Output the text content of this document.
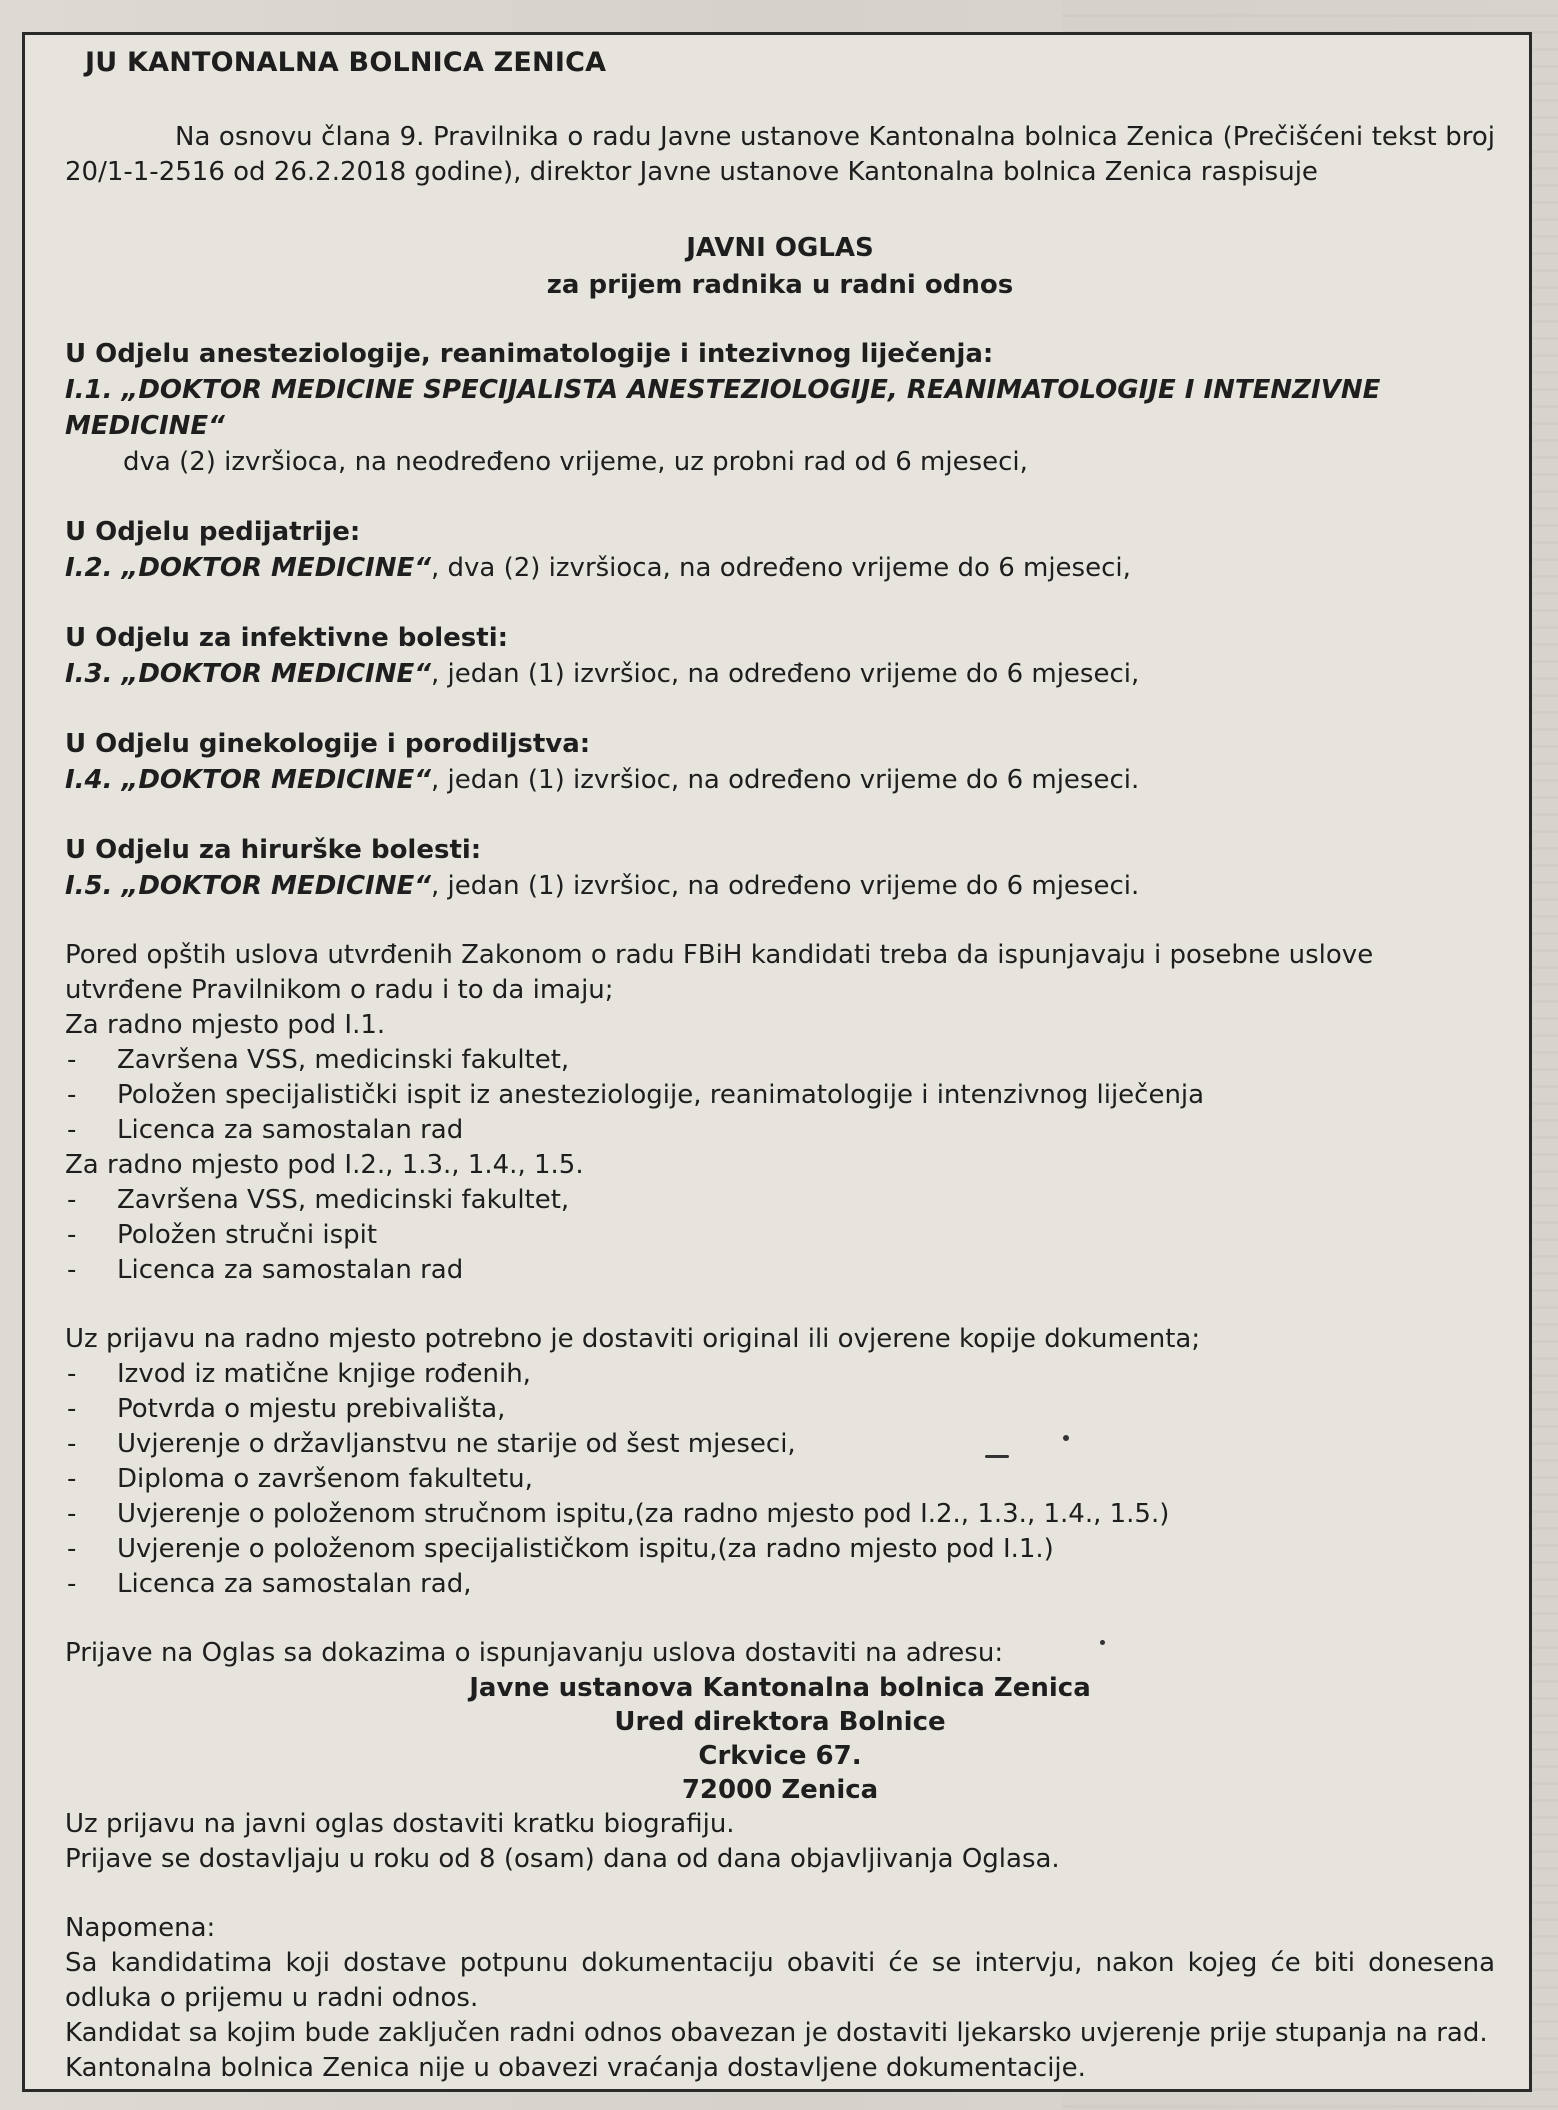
JU KANTONALNA BOLNICA ZENICA
Na osnovu člana 9. Pravilnika o radu Javne ustanove Kantonalna bolnica Zenica (Prečišćeni tekst broj 20/1-1-2516 od 26.2.2018 godine), direktor Javne ustanove Kantonalna bolnica Zenica raspisuje
JAVNI OGLAS
za prijem radnika u radni odnos
U Odjelu anesteziologije, reanimatologije i intezivnog liječenja:
I.1. „DOKTOR MEDICINE SPECIJALISTA ANESTEZIOLOGIJE, REANIMATOLOGIJE I INTENZIVNE MEDICINE“
dva (2) izvršioca, na neodređeno vrijeme, uz probni rad od 6 mjeseci,
U Odjelu pedijatrije:
I.2. „DOKTOR MEDICINE“, dva (2) izvršioca, na određeno vrijeme do 6 mjeseci,
U Odjelu za infektivne bolesti:
I.3. „DOKTOR MEDICINE“, jedan (1) izvršioc, na određeno vrijeme do 6 mjeseci,
U Odjelu ginekologije i porodiljstva:
I.4. „DOKTOR MEDICINE“, jedan (1) izvršioc, na određeno vrijeme do 6 mjeseci.
U Odjelu za hirurške bolesti:
I.5. „DOKTOR MEDICINE“, jedan (1) izvršioc, na određeno vrijeme do 6 mjeseci.
Pored opštih uslova utvrđenih Zakonom o radu FBiH kandidati treba da ispunjavaju i posebne uslove utvrđene Pravilnikom o radu i to da imaju;
Za radno mjesto pod I.1.
- Završena VSS, medicinski fakultet,
- Položen specijalistički ispit iz anesteziologije, reanimatologije i intenzivnog liječenja
- Licenca za samostalan rad
Za radno mjesto pod I.2., 1.3., 1.4., 1.5.
- Završena VSS, medicinski fakultet,
- Položen stručni ispit
- Licenca za samostalan rad
Uz prijavu na radno mjesto potrebno je dostaviti original ili ovjerene kopije dokumenta;
- Izvod iz matične knjige rođenih,
- Potvrda o mjestu prebivališta,
- Uvjerenje o državljanstvu ne starije od šest mjeseci,
- Diploma o završenom fakultetu,
- Uvjerenje o položenom stručnom ispitu,(za radno mjesto pod I.2., 1.3., 1.4., 1.5.)
- Uvjerenje o položenom specijalističkom ispitu,(za radno mjesto pod I.1.)
- Licenca za samostalan rad,
Prijave na Oglas sa dokazima o ispunjavanju uslova dostaviti na adresu:
Javne ustanova Kantonalna bolnica Zenica
Ured direktora Bolnice
Crkvice 67.
72000 Zenica
Uz prijavu na javni oglas dostaviti kratku biografiju.
Prijave se dostavljaju u roku od 8 (osam) dana od dana objavljivanja Oglasa.
Napomena:
Sa kandidatima koji dostave potpunu dokumentaciju obaviti će se intervju, nakon kojeg će biti donesena odluka o prijemu u radni odnos.
Kandidat sa kojim bude zaključen radni odnos obavezan je dostaviti ljekarsko uvjerenje prije stupanja na rad.
Kantonalna bolnica Zenica nije u obavezi vraćanja dostavljene dokumentacije.
